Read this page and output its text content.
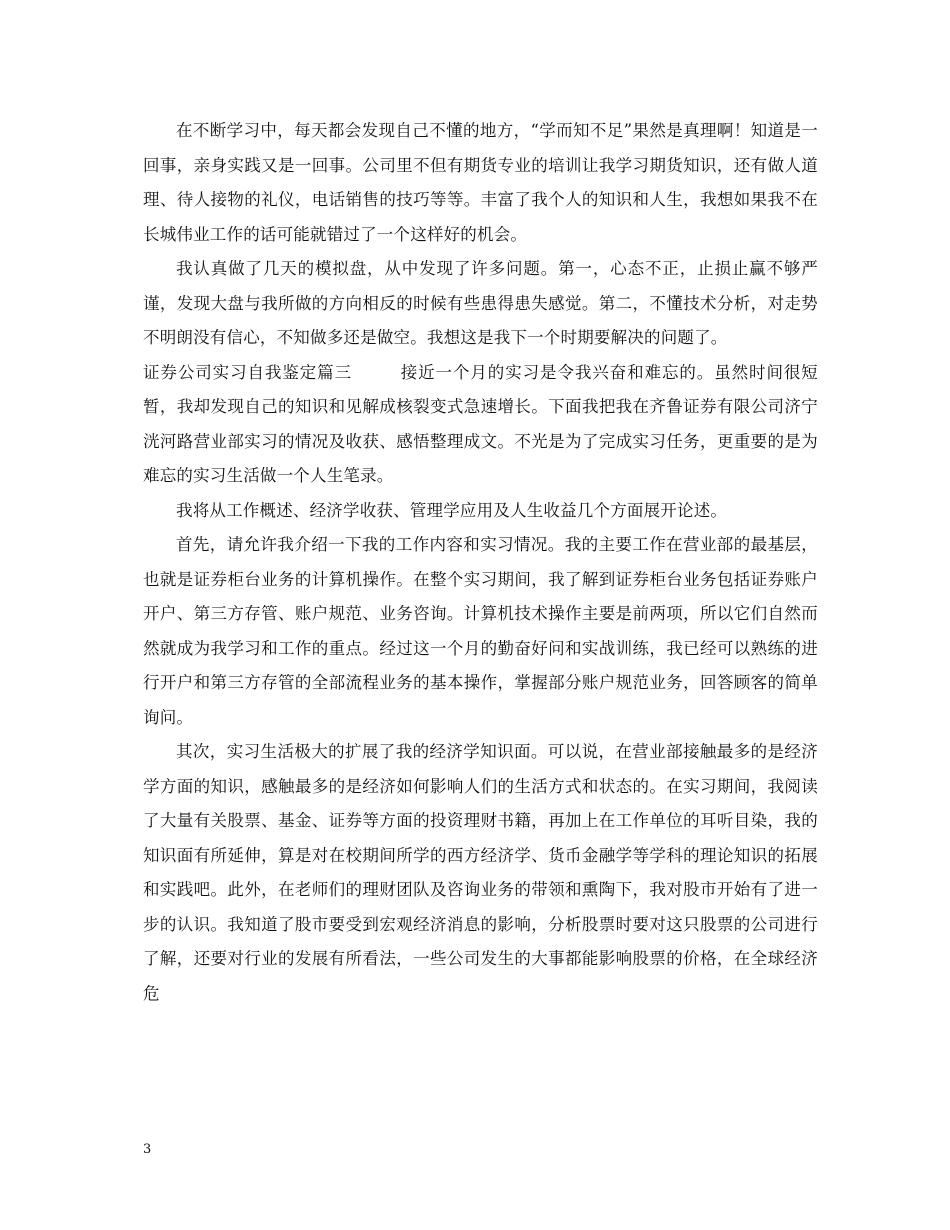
在不断学习中，每天都会发现自己不懂的地方，“学而知不足”果然是真理啊！知道是一回事，亲身实践又是一回事。公司里不但有期货专业的培训让我学习期货知识，还有做人道理、待人接物的礼仪，电话销售的技巧等等。丰富了我个人的知识和人生，我想如果我不在长城伟业工作的话可能就错过了一个这样好的机会。

我认真做了几天的模拟盘，从中发现了许多问题。第一，心态不正，止损止赢不够严谨，发现大盘与我所做的方向相反的时候有些患得患失感觉。第二，不懂技术分析，对走势不明朗没有信心，不知做多还是做空。我想这是我下一个时期要解决的问题了。

证券公司实习自我鉴定篇三	接近一个月的实习是令我兴奋和难忘的。虽然时间很短暂，我却发现自己的知识和见解成核裂变式急速增长。下面我把我在齐鲁证券有限公司济宁洸河路营业部实习的情况及收获、感悟整理成文。不光是为了完成实习任务，更重要的是为难忘的实习生活做一个人生笔录。

我将从工作概述、经济学收获、管理学应用及人生收益几个方面展开论述。

首先，请允许我介绍一下我的工作内容和实习情况。我的主要工作在营业部的最基层，也就是证券柜台业务的计算机操作。在整个实习期间，我了解到证券柜台业务包括证券账户开户、第三方存管、账户规范、业务咨询。计算机技术操作主要是前两项，所以它们自然而然就成为我学习和工作的重点。经过这一个月的勤奋好问和实战训练，我已经可以熟练的进行开户和第三方存管的全部流程业务的基本操作，掌握部分账户规范业务，回答顾客的简单询问。

其次，实习生活极大的扩展了我的经济学知识面。可以说，在营业部接触最多的是经济学方面的知识，感触最多的是经济如何影响人们的生活方式和状态的。在实习期间，我阅读了大量有关股票、基金、证券等方面的投资理财书籍，再加上在工作单位的耳听目染，我的知识面有所延伸，算是对在校期间所学的西方经济学、货币金融学等学科的理论知识的拓展和实践吧。此外，在老师们的理财团队及咨询业务的带领和熏陶下，我对股市开始有了进一步的认识。我知道了股市要受到宏观经济消息的影响，分析股票时要对这只股票的公司进行了解，还要对行业的发展有所看法，一些公司发生的大事都能影响股票的价格，在全球经济危

3
